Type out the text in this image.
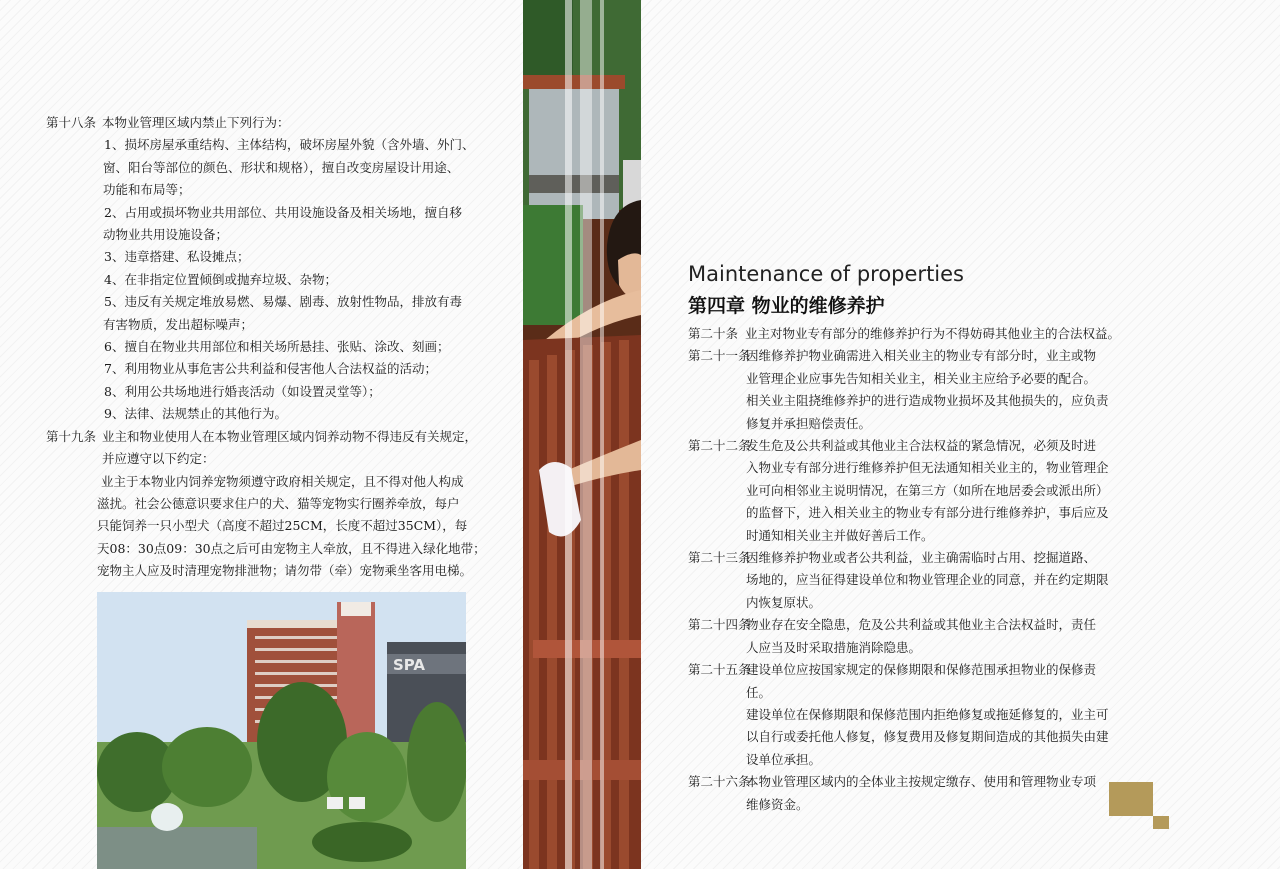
第十八条 本物业管理区域内禁止下列行为：
1、损坏房屋承重结构、主体结构，破坏房屋外貌（含外墙、外门、
窗、阳台等部位的颜色、形状和规格），擅自改变房屋设计用途、
功能和布局等；
2、占用或损坏物业共用部位、共用设施设备及相关场地，擅自移
动物业共用设施设备；
3、违章搭建、私设摊点；
4、在非指定位置倾倒或抛弃垃圾、杂物；
5、违反有关规定堆放易燃、易爆、剧毒、放射性物品，排放有毒
有害物质，发出超标噪声；
6、擅自在物业共用部位和相关场所悬挂、张贴、涂改、刻画；
7、利用物业从事危害公共利益和侵害他人合法权益的活动；
8、利用公共场地进行婚丧活动（如设置灵堂等）；
9、法律、法规禁止的其他行为。
第十九条 业主和物业使用人在本物业管理区域内饲养动物不得违反有关规定，
并应遵守以下约定：
业主于本物业内饲养宠物须遵守政府相关规定，且不得对他人构成
滋扰。社会公德意识要求住户的犬、猫等宠物实行圈养牵放，每户
只能饲养一只小型犬（高度不超过25CM，长度不超过35CM），每
天08：30点09：30点之后可由宠物主人牵放，且不得进入绿化地带；
宠物主人应及时清理宠物排泄物；请勿带（牵）宠物乘坐客用电梯。
SPA
Maintenance of properties
第四章 物业的维修养护
第二十条 业主对物业专有部分的维修养护行为不得妨碍其他业主的合法权益。
第二十一条
因维修养护物业确需进入相关业主的物业专有部分时，业主或物
业管理企业应事先告知相关业主，相关业主应给予必要的配合。
相关业主阻挠维修养护的进行造成物业损坏及其他损失的，应负责
修复并承担赔偿责任。
第二十二条
发生危及公共利益或其他业主合法权益的紧急情况，必须及时进
入物业专有部分进行维修养护但无法通知相关业主的，物业管理企
业可向相邻业主说明情况，在第三方（如所在地居委会或派出所）
的监督下，进入相关业主的物业专有部分进行维修养护，事后应及
时通知相关业主并做好善后工作。
第二十三条
因维修养护物业或者公共利益，业主确需临时占用、挖掘道路、
场地的，应当征得建设单位和物业管理企业的同意，并在约定期限
内恢复原状。
第二十四条
物业存在安全隐患，危及公共利益或其他业主合法权益时，责任
人应当及时采取措施消除隐患。
第二十五条
建设单位应按国家规定的保修期限和保修范围承担物业的保修责
任。
建设单位在保修期限和保修范围内拒绝修复或拖延修复的，业主可
以自行或委托他人修复，修复费用及修复期间造成的其他损失由建
设单位承担。
第二十六条
本物业管理区域内的全体业主按规定缴存、使用和管理物业专项
维修资金。
